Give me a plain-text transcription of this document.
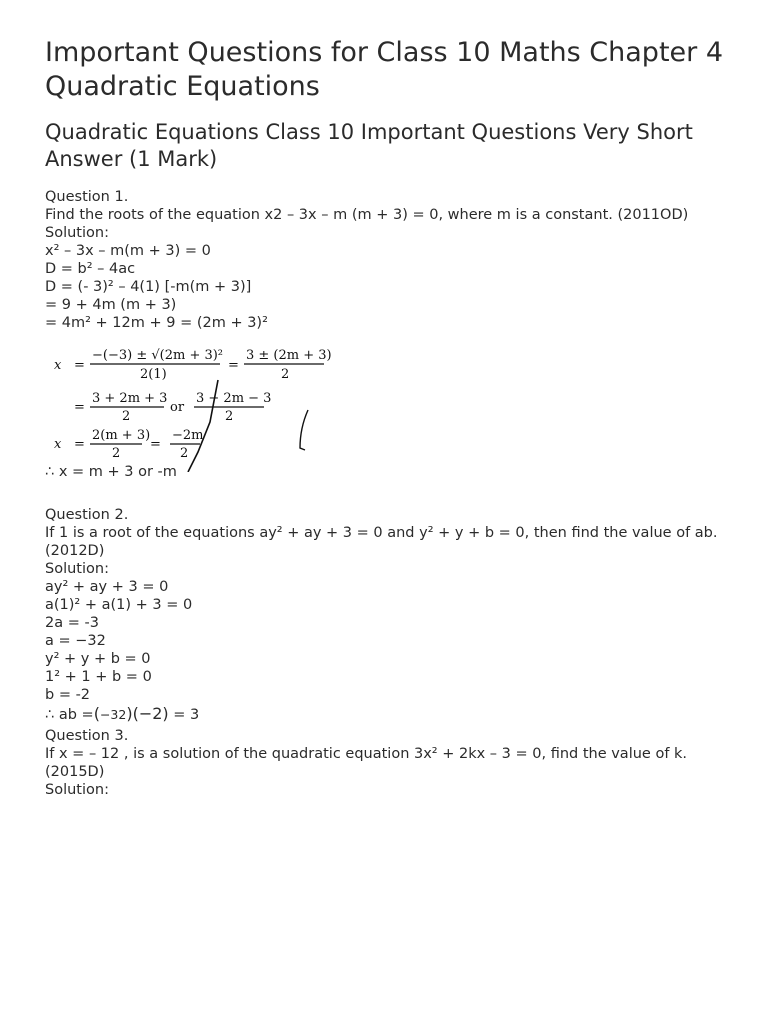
Important Questions for Class 10 Maths Chapter 4 Quadratic Equations
Quadratic Equations Class 10 Important Questions Very Short Answer (1 Mark)
Question 1.
Find the roots of the equation x2 – 3x – m (m + 3) = 0, where m is a constant. (2011OD)
Solution:
x² – 3x – m(m + 3) = 0
D = b² – 4ac
D = (- 3)² – 4(1) [-m(m + 3)]
= 9 + 4m (m + 3)
= 4m² + 12m + 9 = (2m + 3)²
x =
−(−3) ± √(2m + 3)²
2(1)
=
3 ± (2m + 3)
2
=
3 + 2m + 3
2
or
3 − 2m − 3
2
x =
2(m + 3)
2
=
−2m
2
∴ x = m + 3 or -m
Question 2.
If 1 is a root of the equations ay² + ay + 3 = 0 and y² + y + b = 0, then find the value of ab. (2012D)
Solution:
ay² + ay + 3 = 0
a(1)² + a(1) + 3 = 0
2a = -3
a = −32
y² + y + b = 0
1² + 1 + b = 0
b = -2
∴ ab =(−32)(−2) = 3
Question 3.
If x = – 12 , is a solution of the quadratic equation 3x² + 2kx – 3 = 0, find the value of k. (2015D)
Solution:
